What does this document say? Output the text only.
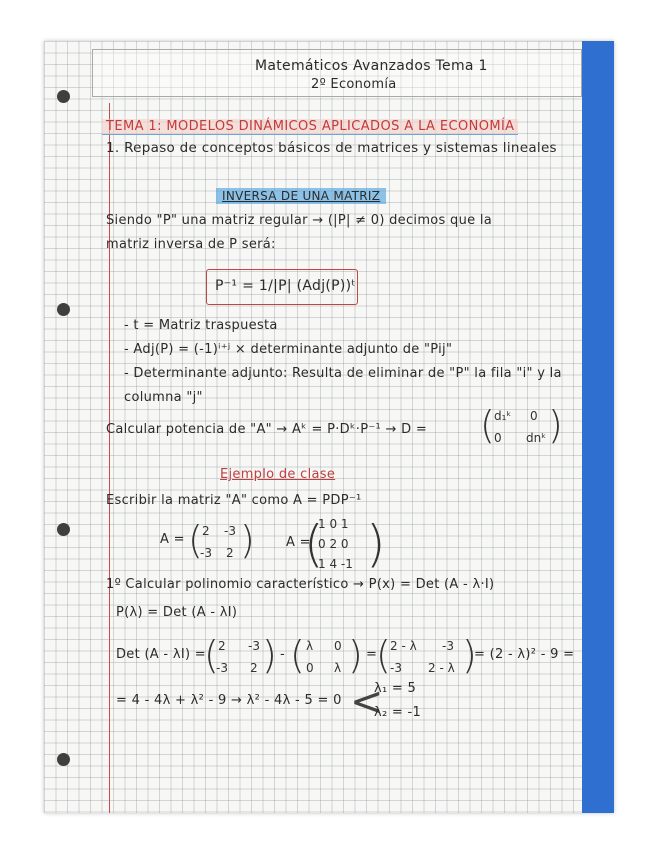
Matemáticos Avanzados Tema 1
2º Economía
TEMA 1: MODELOS DINÁMICOS APLICADOS A LA ECONOMÍA
1. Repaso de conceptos básicos de matrices y sistemas lineales
INVERSA DE UNA MATRIZ
Siendo "P" una matriz regular → (|P| ≠ 0) decimos que la
matriz inversa de P será:
P⁻¹ = 1/|P| (Adj(P))ᵗ
- t = Matriz traspuesta
- Adj(P) = (-1)ⁱ⁺ʲ × determinante adjunto de "Pij"
- Determinante adjunto: Resulta de eliminar de "P" la fila "i" y la
columna "j"
Calcular potencia de "A" → Aᵏ = P·Dᵏ·P⁻¹ → D = ( d₁ᵏ 0
0 dnᵏ )
Ejemplo de clase
Escribir la matriz "A" como A = PDP⁻¹
A = ( 2 -3
-3 2 ) A =
(
1 0 1
0 2 0
1 4 -1 )
1º Calcular polinomio característico → P(x) = Det (A - λ·I)
P(λ) = Det (A - λI)
Det (A - λI) =
( 2 -3
-3 2 ) - ( λ 0
0 λ ) =
( 2 - λ -3
-3 2 - λ )
= (2 - λ)² - 9 =
= 4 - 4λ + λ² - 9 → λ² - 4λ - 5 = 0 <
λ₁ = 5
λ₂ = -1
